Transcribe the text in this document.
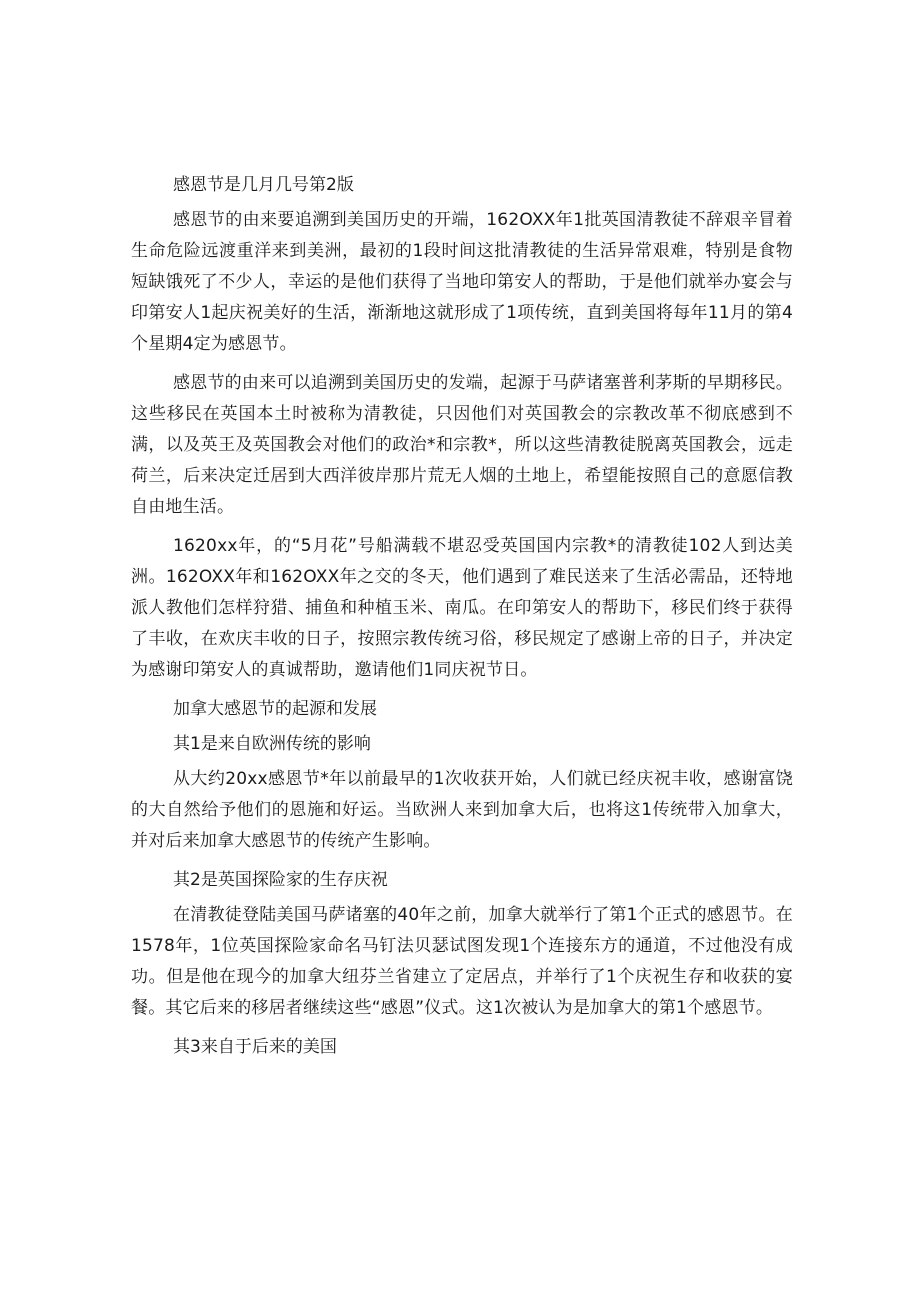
感恩节是几月几号第2版

感恩节的由来要追溯到美国历史的开端，162OXX年1批英国清教徒不辞艰辛冒着生命危险远渡重洋来到美洲，最初的1段时间这批清教徒的生活异常艰难，特别是食物短缺饿死了不少人，幸运的是他们获得了当地印第安人的帮助，于是他们就举办宴会与印第安人1起庆祝美好的生活，渐渐地这就形成了1项传统，直到美国将每年11月的第4个星期4定为感恩节。

感恩节的由来可以追溯到美国历史的发端，起源于马萨诸塞普利茅斯的早期移民。这些移民在英国本土时被称为清教徒，只因他们对英国教会的宗教改革不彻底感到不满，以及英王及英国教会对他们的政治*和宗教*，所以这些清教徒脱离英国教会，远走荷兰，后来决定迁居到大西洋彼岸那片荒无人烟的土地上，希望能按照自己的意愿信教自由地生活。

1620xx年，的“5月花”号船满载不堪忍受英国国内宗教*的清教徒102人到达美洲。162OXX年和162OXX年之交的冬天，他们遇到了难民送来了生活必需品，还特地派人教他们怎样狩猎、捕鱼和种植玉米、南瓜。在印第安人的帮助下，移民们终于获得了丰收，在欢庆丰收的日子，按照宗教传统习俗，移民规定了感谢上帝的日子，并决定为感谢印第安人的真诚帮助，邀请他们1同庆祝节日。

加拿大感恩节的起源和发展

其1是来自欧洲传统的影响

从大约20xx感恩节*年以前最早的1次收获开始，人们就已经庆祝丰收，感谢富饶的大自然给予他们的恩施和好运。当欧洲人来到加拿大后，也将这1传统带入加拿大，并对后来加拿大感恩节的传统产生影响。

其2是英国探险家的生存庆祝

在清教徒登陆美国马萨诸塞的40年之前，加拿大就举行了第1个正式的感恩节。在1578年，1位英国探险家命名马钉法贝瑟试图发现1个连接东方的通道，不过他没有成功。但是他在现今的加拿大纽芬兰省建立了定居点，并举行了1个庆祝生存和收获的宴餐。其它后来的移居者继续这些“感恩”仪式。这1次被认为是加拿大的第1个感恩节。

其3来自于后来的美国
